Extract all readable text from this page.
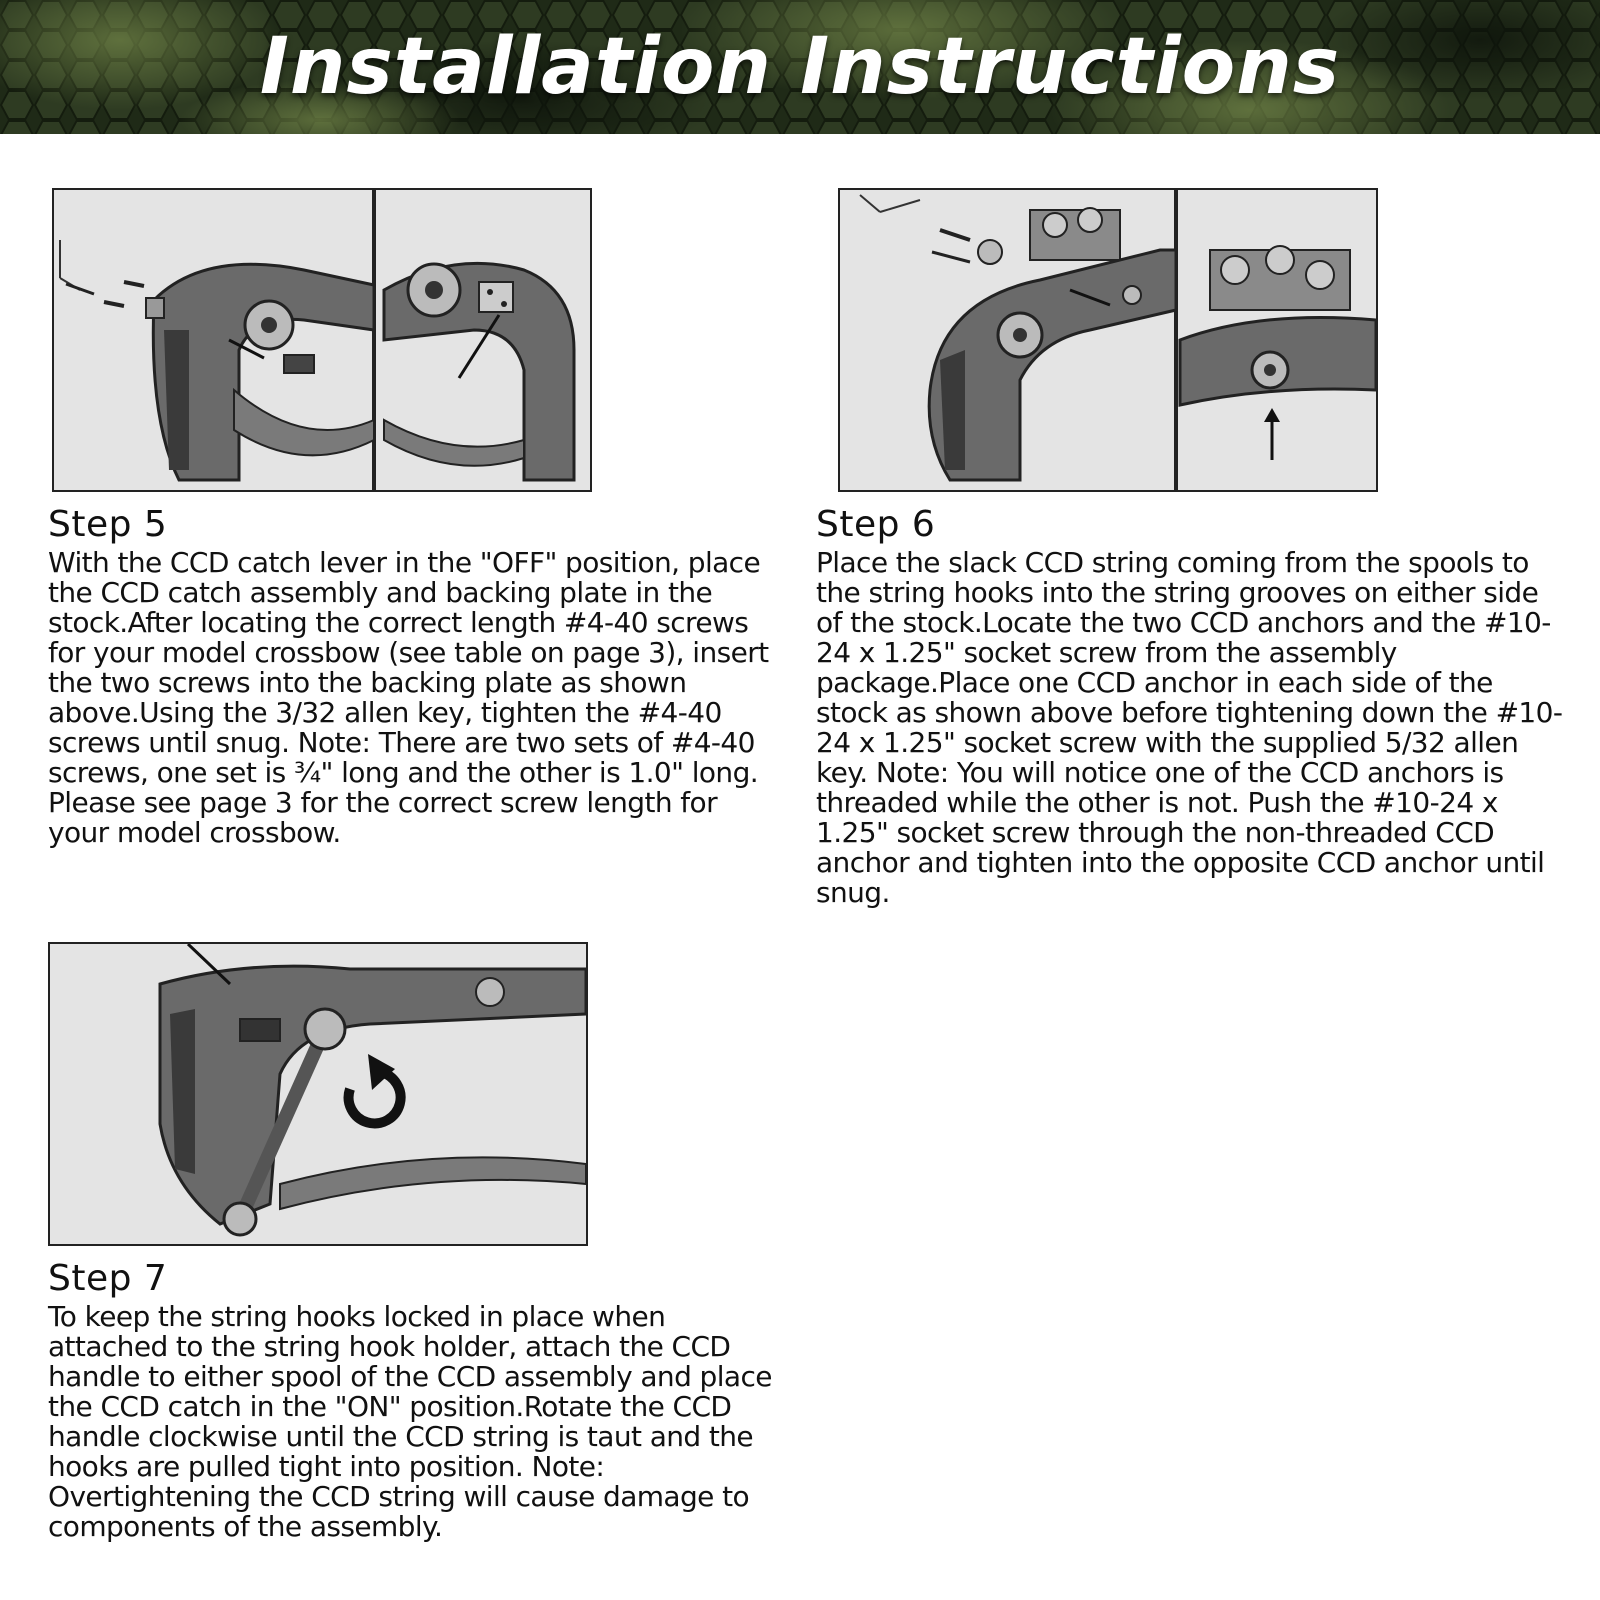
Installation Instructions
Step 5

With the CCD catch lever in the "OFF" position, place the CCD catch assembly and backing plate in the stock.After locating the correct length #4-40 screws for your model crossbow (see table on page 3), insert the two screws into the backing plate as shown above.Using the 3/32 allen key, tighten the #4-40 screws until snug. Note: There are two sets of #4-40 screws, one set is ¾" long and the other is 1.0" long. Please see page 3 for the correct screw length for your model crossbow.

Step 6

Place the slack CCD string coming from the spools to the string hooks into the string grooves on either side of the stock.Locate the two CCD anchors and the #10-24 x 1.25" socket screw from the assembly package.Place one CCD anchor in each side of the stock as shown above before tightening down the #10-24 x 1.25" socket screw with the supplied 5/32 allen key. Note: You will notice one of the CCD anchors is threaded while the other is not. Push the #10-24 x 1.25" socket screw through the non-threaded CCD anchor and tighten into the opposite CCD anchor until snug.

Step 7

To keep the string hooks locked in place when attached to the string hook holder, attach the CCD handle to either spool of the CCD assembly and place the CCD catch in the "ON" position.Rotate the CCD handle clockwise until the CCD string is taut and the hooks are pulled tight into position. Note: Overtightening the CCD string will cause damage to components of the assembly.
